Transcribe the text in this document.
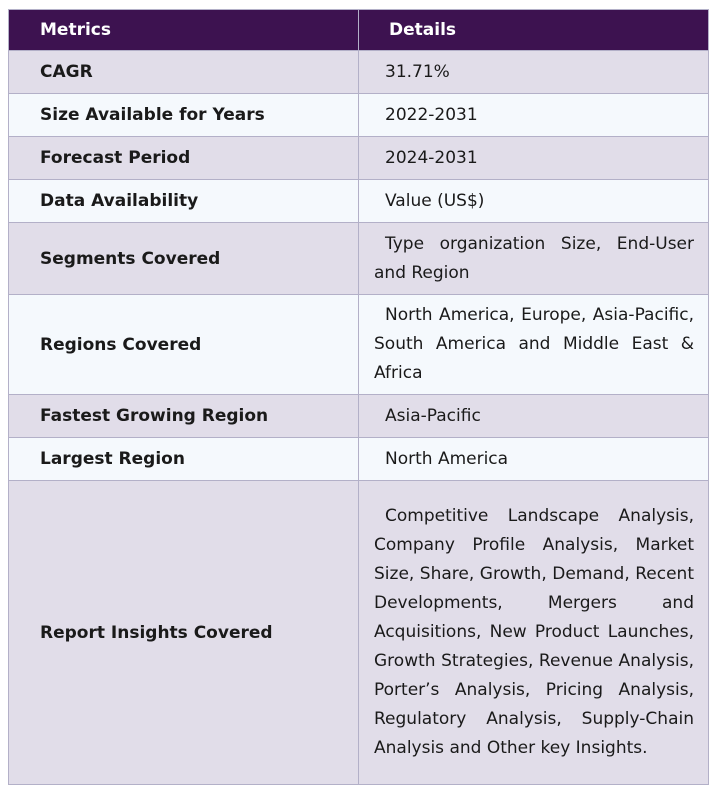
Metrics	Details
CAGR	31.71%

Size Available for Years	2022-2031

Forecast Period	2024-2031

Data Availability	Value (US$)

Segments Covered	Type organization Size, End-User and Region

Regions Covered	North America, Europe, Asia-Pacific, South America and Middle East & Africa

Fastest Growing Region	Asia-Pacific

Largest Region	North America

Report Insights Covered	Competitive Landscape Analysis, Company Profile Analysis, Market Size, Share, Growth, Demand, Recent Developments, Mergers and Acquisitions, New Product Launches, Growth Strategies, Revenue Analysis, Porter’s Analysis, Pricing Analysis, Regulatory Analysis, Supply-Chain Analysis and Other key Insights.
